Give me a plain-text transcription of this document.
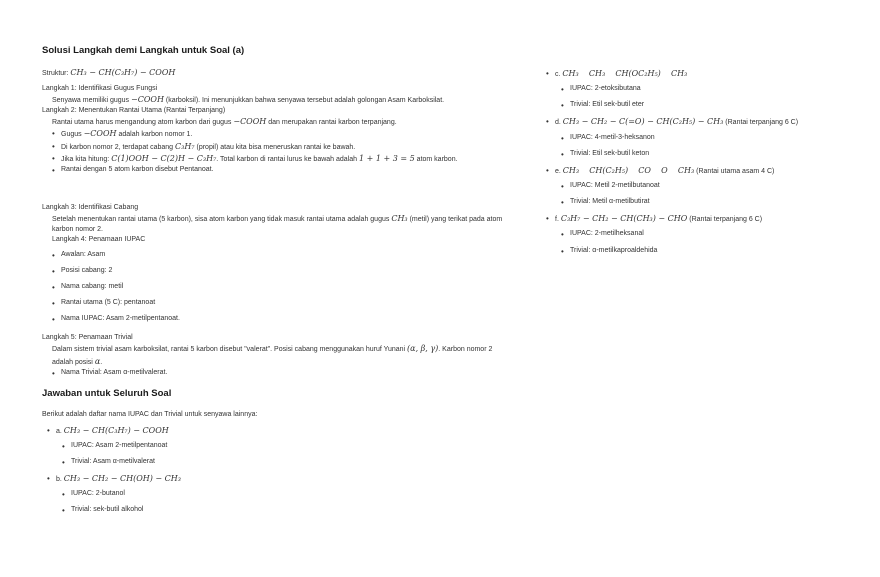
Solusi Langkah demi Langkah untuk Soal (a)

Struktur: CH₃ − CH(C₃H₇) − COOH

Langkah 1: Identifikasi Gugus Fungsi

Senyawa memiliki gugus −COOH (karboksil). Ini menunjukkan bahwa senyawa tersebut adalah golongan Asam Karboksilat.

Langkah 2: Menentukan Rantai Utama (Rantai Terpanjang)

Rantai utama harus mengandung atom karbon dari gugus −COOH dan merupakan rantai karbon terpanjang.

• Gugus −COOH adalah karbon nomor 1.
• Di karbon nomor 2, terdapat cabang C₃H₇ (propil) atau kita bisa meneruskan rantai ke bawah.
• Jika kita hitung: C(1)OOH − C(2)H − C₃H₇. Total karbon di rantai lurus ke bawah adalah 1 + 1 + 3 = 5 atom karbon.
• Rantai dengan 5 atom karbon disebut Pentanoat.

Langkah 3: Identifikasi Cabang

Setelah menentukan rantai utama (5 karbon), sisa atom karbon yang tidak masuk rantai utama adalah gugus CH₃ (metil) yang terikat pada atom karbon nomor 2.

Langkah 4: Penamaan IUPAC

• Awalan: Asam
• Posisi cabang: 2
• Nama cabang: metil
• Rantai utama (5 C): pentanoat
• Nama IUPAC: Asam 2-metilpentanoat.

Langkah 5: Penamaan Trivial

Dalam sistem trivial asam karboksilat, rantai 5 karbon disebut "valerat". Posisi cabang menggunakan huruf Yunani (α, β, γ). Karbon nomor 2 adalah posisi α.

• Nama Trivial: Asam α-metilvalerat.
Jawaban untuk Seluruh Soal

Berikut adalah daftar nama IUPAC dan Trivial untuk senyawa lainnya:

• a. CH₃ − CH(C₃H₇) − COOH
• IUPAC: Asam 2-metilpentanoat
• Trivial: Asam α-metilvalerat
• b. CH₃ − CH₂ − CH(OH) − CH₃
• IUPAC: 2-butanol
• Trivial: sek-butil alkohol
• c. CH₃    CH₃    CH(OC₂H₅)    CH₃
• IUPAC: 2-etoksibutana
• Trivial: Etil sek-butil eter
• d. CH₃ − CH₂ − C(=O) − CH(C₂H₅) − CH₃ (Rantai terpanjang 6 C)
• IUPAC: 4-metil-3-heksanon
• Trivial: Etil sek-butil keton
• e. CH₃    CH(C₂H₅)    CO    O    CH₃ (Rantai utama asam 4 C)
• IUPAC: Metil 2-metilbutanoat
• Trivial: Metil α-metilbutirat
• f. C₃H₇ − CH₂ − CH(CH₃) − CHO (Rantai terpanjang 6 C)
• IUPAC: 2-metilheksanal
• Trivial: α-metilkaproaldehida
